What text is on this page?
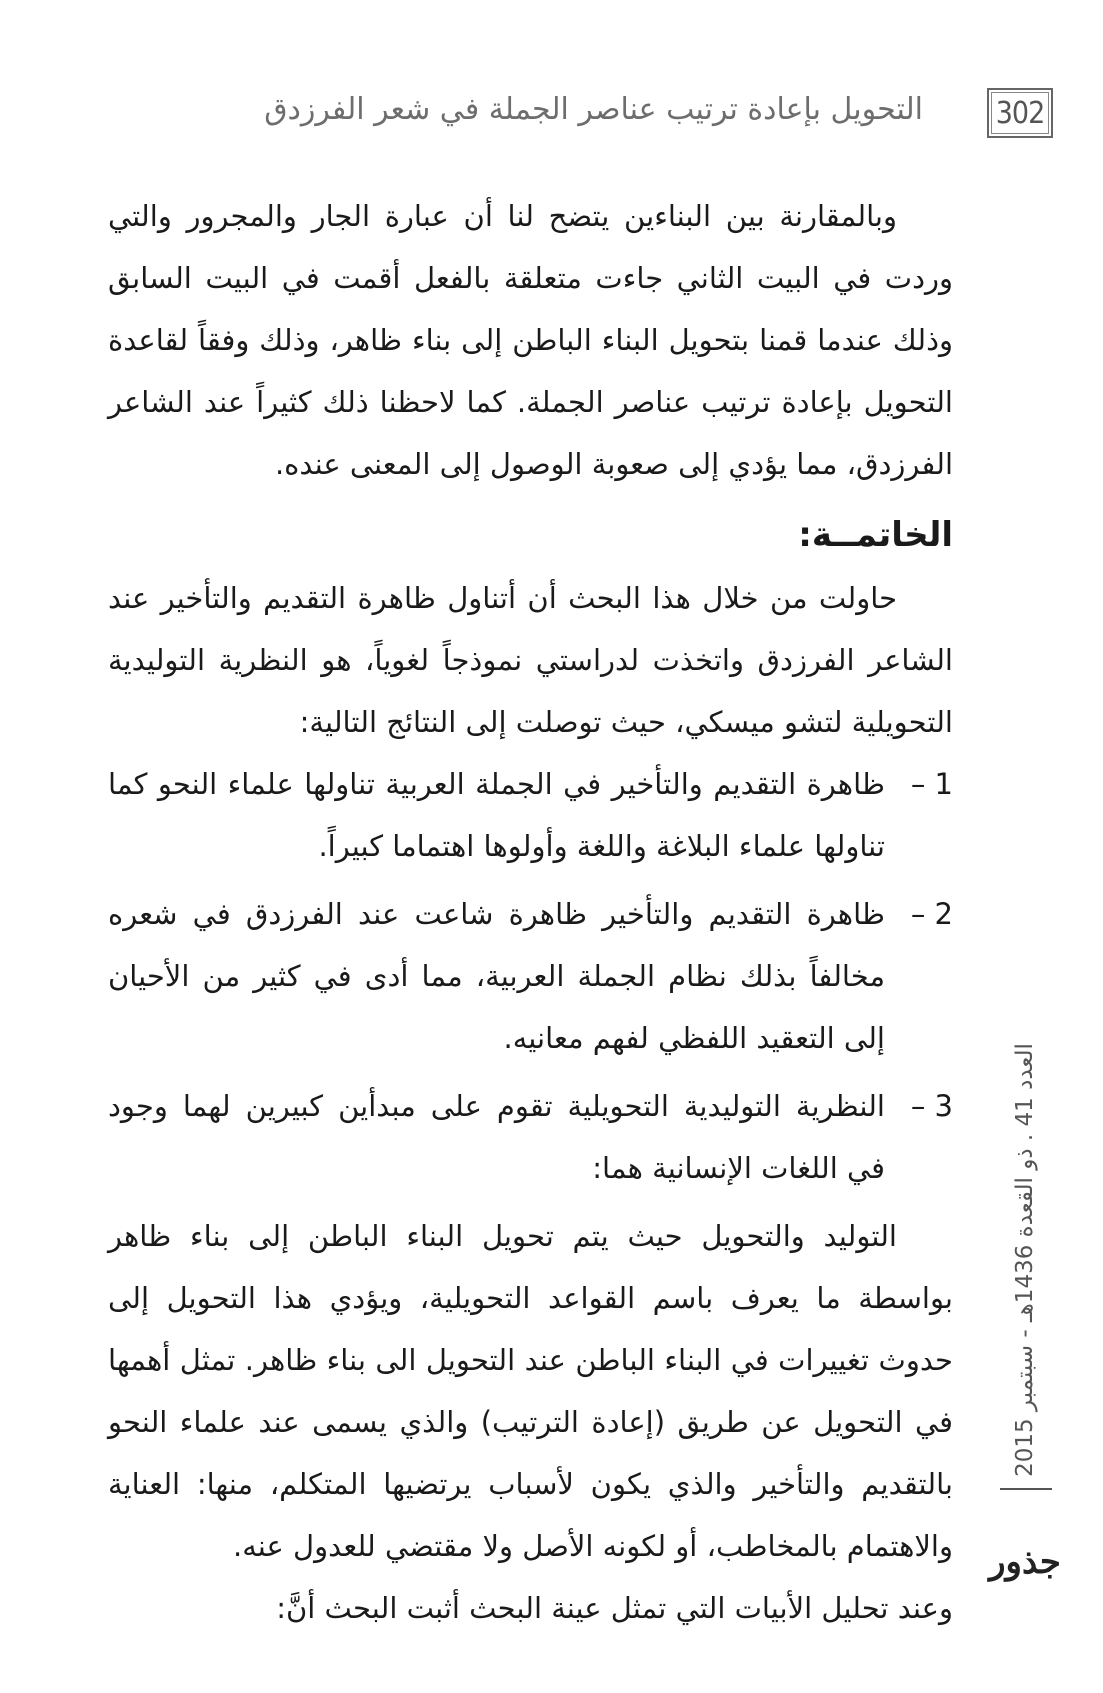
302
التحويل بإعادة ترتيب عناصر الجملة في شعر الفرزدق
العدد 41 . ذو القعدة 1436هـ - سبتمبر 2015
جذور

وبالمقارنة بين البناءين يتضح لنا أن عبارة الجار والمجرور والتي وردت في البيت الثاني جاءت متعلقة بالفعل أقمت في البيت السابق وذلك عندما قمنا بتحويل البناء الباطن إلى بناء ظاهر، وذلك وفقاً لقاعدة التحويل بإعادة ترتيب عناصر الجملة. كما لاحظنا ذلك كثيراً عند الشاعر الفرزدق، مما يؤدي إلى صعوبة الوصول إلى المعنى عنده.

الخاتمــة:

حاولت من خلال هذا البحث أن أتناول ظاهرة التقديم والتأخير عند الشاعر الفرزدق واتخذت لدراستي نموذجاً لغوياً، هو النظرية التوليدية التحويلية لتشو ميسكي، حيث توصلت إلى النتائج التالية:

1 –
ظاهرة التقديم والتأخير في الجملة العربية تناولها علماء النحو كما تناولها علماء البلاغة واللغة وأولوها اهتماما كبيراً.
2 –
ظاهرة التقديم والتأخير ظاهرة شاعت عند الفرزدق في شعره مخالفاً بذلك نظام الجملة العربية، مما أدى في كثير من الأحيان إلى التعقيد اللفظي لفهم معانيه.
3 –
النظرية التوليدية التحويلية تقوم على مبدأين كبيرين لهما وجود في اللغات الإنسانية هما:

التوليد والتحويل حيث يتم تحويل البناء الباطن إلى بناء ظاهر بواسطة ما يعرف باسم القواعد التحويلية، ويؤدي هذا التحويل إلى حدوث تغييرات في البناء الباطن عند التحويل الى بناء ظاهر. تمثل أهمها في التحويل عن طريق (إعادة الترتيب) والذي يسمى عند علماء النحو بالتقديم والتأخير والذي يكون لأسباب يرتضيها المتكلم، منها: العناية والاهتمام بالمخاطب، أو لكونه الأصل ولا مقتضي للعدول عنه.

وعند تحليل الأبيات التي تمثل عينة البحث أثبت البحث أنَّ:
